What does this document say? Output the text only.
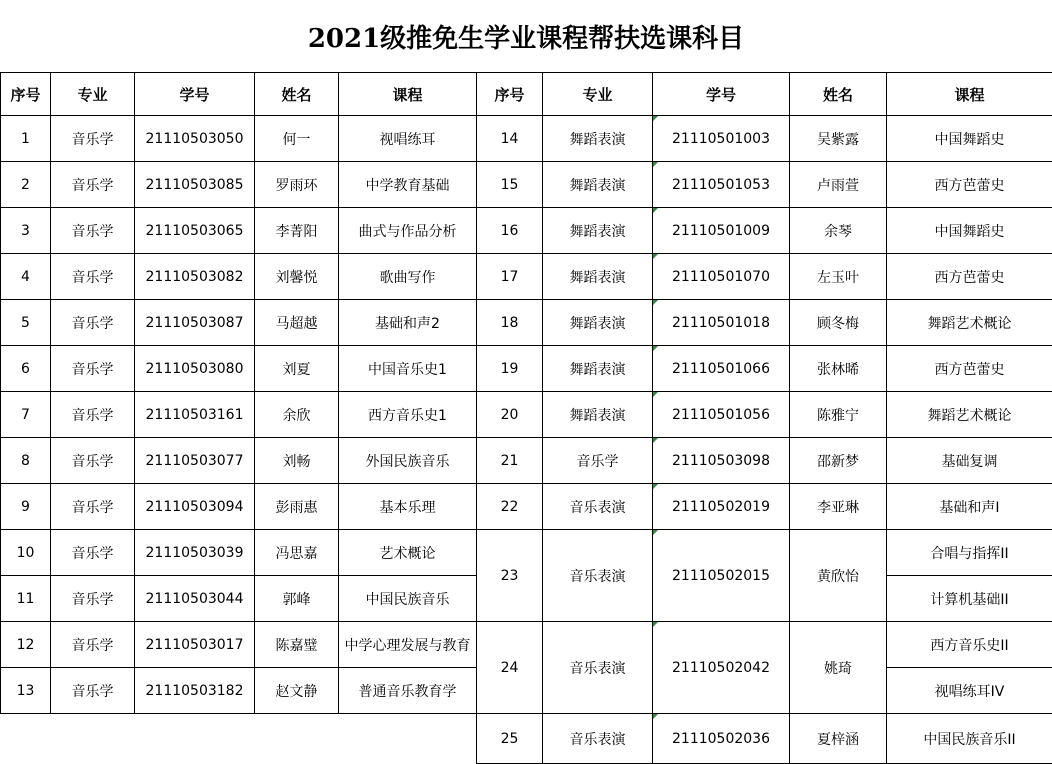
2021级推免生学业课程帮扶选课科目
序号	专业	学号	姓名	课程	序号	专业	学号	姓名	课程
1	音乐学	21110503050	何一	视唱练耳	14	舞蹈表演	21110501003	吴紫露	中国舞蹈史
2	音乐学	21110503085	罗雨环	中学教育基础	15	舞蹈表演	21110501053	卢雨萱	西方芭蕾史
3	音乐学	21110503065	李菁阳	曲式与作品分析	16	舞蹈表演	21110501009	余琴	中国舞蹈史
4	音乐学	21110503082	刘馨悦	歌曲写作	17	舞蹈表演	21110501070	左玉叶	西方芭蕾史
5	音乐学	21110503087	马超越	基础和声2	18	舞蹈表演	21110501018	顾冬梅	舞蹈艺术概论
6	音乐学	21110503080	刘夏	中国音乐史1	19	舞蹈表演	21110501066	张林晞	西方芭蕾史
7	音乐学	21110503161	余欣	西方音乐史1	20	舞蹈表演	21110501056	陈雅宁	舞蹈艺术概论
8	音乐学	21110503077	刘畅	外国民族音乐	21	音乐学	21110503098	邵新梦	基础复调
9	音乐学	21110503094	彭雨惠	基本乐理	22	音乐表演	21110502019	李亚琳	基础和声I
10	音乐学	21110503039	冯思嘉	艺术概论	23	音乐表演	21110502015	黄欣怡	合唱与指挥II
11	音乐学	21110503044	郭峰	中国民族音乐					计算机基础II
12	音乐学	21110503017	陈嘉璧	中学心理发展与教育	24	音乐表演	21110502042	姚琦	西方音乐史II
13	音乐学	21110503182	赵文静	普通音乐教育学					视唱练耳IV
					25	音乐表演	21110502036	夏梓涵	中国民族音乐II
